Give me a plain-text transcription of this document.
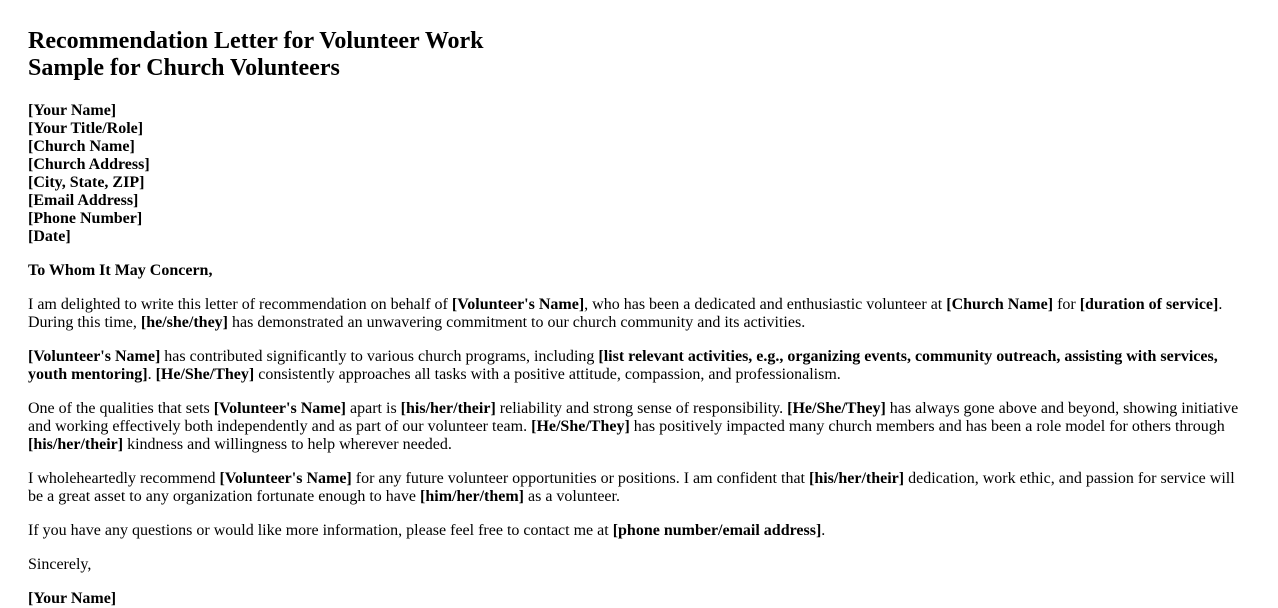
Recommendation Letter for Volunteer Work
Sample for Church Volunteers
[Your Name]
[Your Title/Role]
[Church Name]
[Church Address]
[City, State, ZIP]
[Email Address]
[Phone Number]
[Date]

To Whom It May Concern,

I am delighted to write this letter of recommendation on behalf of [Volunteer's Name], who has been a dedicated and enthusiastic volunteer at [Church Name] for [duration of service]. During this time, [he/she/they] has demonstrated an unwavering commitment to our church community and its activities.

[Volunteer's Name] has contributed significantly to various church programs, including [list relevant activities, e.g., organizing events, community outreach, assisting with services, youth mentoring]. [He/She/They] consistently approaches all tasks with a positive attitude, compassion, and professionalism.

One of the qualities that sets [Volunteer's Name] apart is [his/her/their] reliability and strong sense of responsibility. [He/She/They] has always gone above and beyond, showing initiative and working effectively both independently and as part of our volunteer team. [He/She/They] has positively impacted many church members and has been a role model for others through [his/her/their] kindness and willingness to help wherever needed.

I wholeheartedly recommend [Volunteer's Name] for any future volunteer opportunities or positions. I am confident that [his/her/their] dedication, work ethic, and passion for service will be a great asset to any organization fortunate enough to have [him/her/them] as a volunteer.

If you have any questions or would like more information, please feel free to contact me at [phone number/email address].

Sincerely,

[Your Name]
